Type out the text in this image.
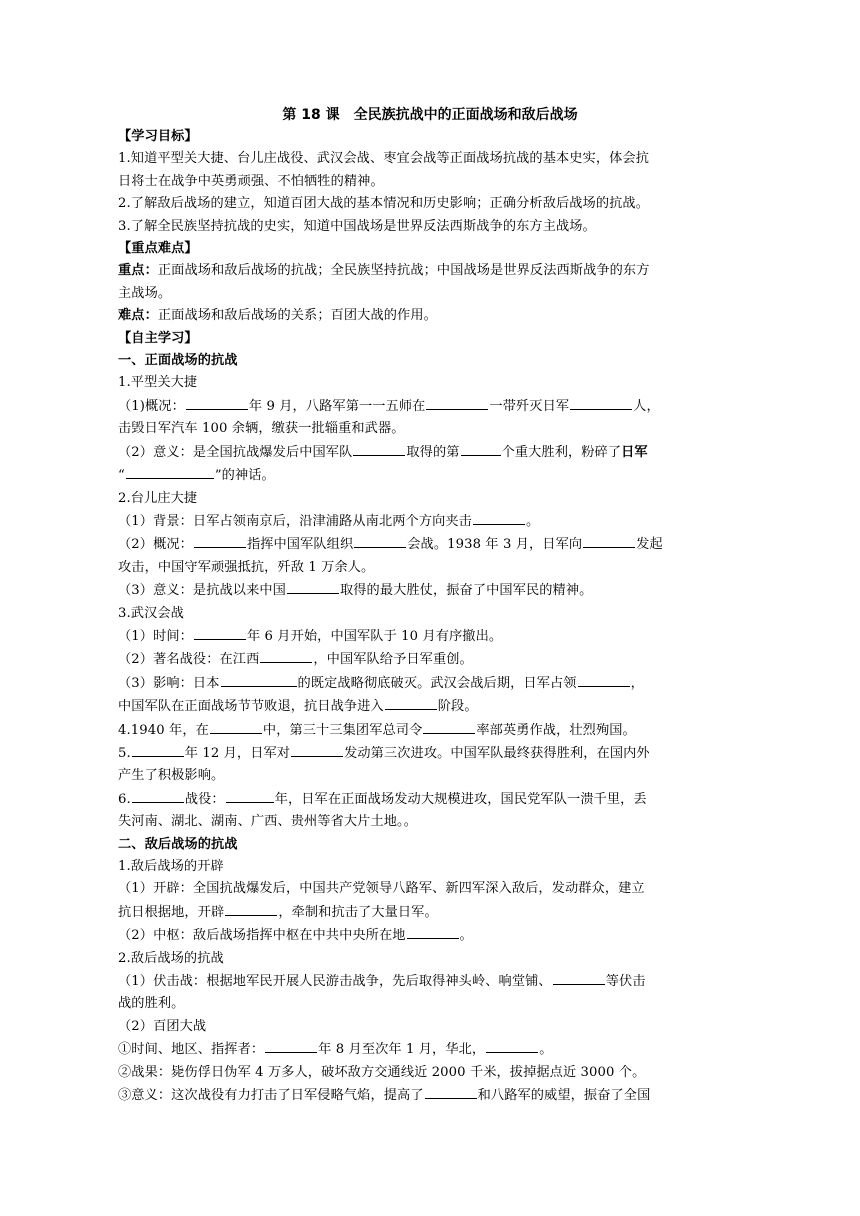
第 18 课　全民族抗战中的正面战场和敌后战场
【学习目标】
1.知道平型关大捷、台儿庄战役、武汉会战、枣宜会战等正面战场抗战的基本史实，体会抗
日将士在战争中英勇顽强、不怕牺牲的精神。
2.了解敌后战场的建立，知道百团大战的基本情况和历史影响；正确分析敌后战场的抗战。
3.了解全民族坚持抗战的史实，知道中国战场是世界反法西斯战争的东方主战场。
【重点难点】
重点：正面战场和敌后战场的抗战；全民族坚持抗战；中国战场是世界反法西斯战争的东方
主战场。
难点：正面战场和敌后战场的关系；百团大战的作用。
【自主学习】
一、正面战场的抗战
1.平型关大捷
（1)概况：	年 9 月，八路军第一一五师在	一带歼灭日军	人，
击毁日军汽车 100 余辆，缴获一批辎重和武器。
（2）意义：是全国抗战爆发后中国军队	取得的第	个重大胜利，粉碎了日军
“	”的神话。
2.台儿庄大捷
（1）背景：日军占领南京后，沿津浦路从南北两个方向夹击	。
（2）概况：	指挥中国军队组织	会战。1938 年 3 月，日军向	发起
攻击，中国守军顽强抵抗，歼敌 1 万余人。
（3）意义：是抗战以来中国	取得的最大胜仗，振奋了中国军民的精神。
3.武汉会战
（1）时间：	年 6 月开始，中国军队于 10 月有序撤出。
（2）著名战役：在江西	，中国军队给予日军重创。
（3）影响：日本	的既定战略彻底破灭。武汉会战后期，日军占领	，
中国军队在正面战场节节败退，抗日战争进入	阶段。
4.1940 年，在	中，第三十三集团军总司令	率部英勇作战，壮烈殉国。
5.	年 12 月，日军对	发动第三次进攻。中国军队最终获得胜利，在国内外
产生了积极影响。
6.	战役：	年，日军在正面战场发动大规模进攻，国民党军队一溃千里，丢
失河南、湖北、湖南、广西、贵州等省大片土地。。
二、敌后战场的抗战
1.敌后战场的开辟
（1）开辟：全国抗战爆发后，中国共产党领导八路军、新四军深入敌后，发动群众，建立
抗日根据地，开辟	，牵制和抗击了大量日军。
（2）中枢：敌后战场指挥中枢在中共中央所在地	。
2.敌后战场的抗战
（1）伏击战：根据地军民开展人民游击战争，先后取得神头岭、响堂铺、	等伏击
战的胜利。
（2）百团大战
①时间、地区、指挥者：	年 8 月至次年 1 月，华北，	。
②战果：毙伤俘日伪军 4 万多人，破坏敌方交通线近 2000 千米，拔掉据点近 3000 个。
③意义：这次战役有力打击了日军侵略气焰，提高了	和八路军的威望，振奋了全国
